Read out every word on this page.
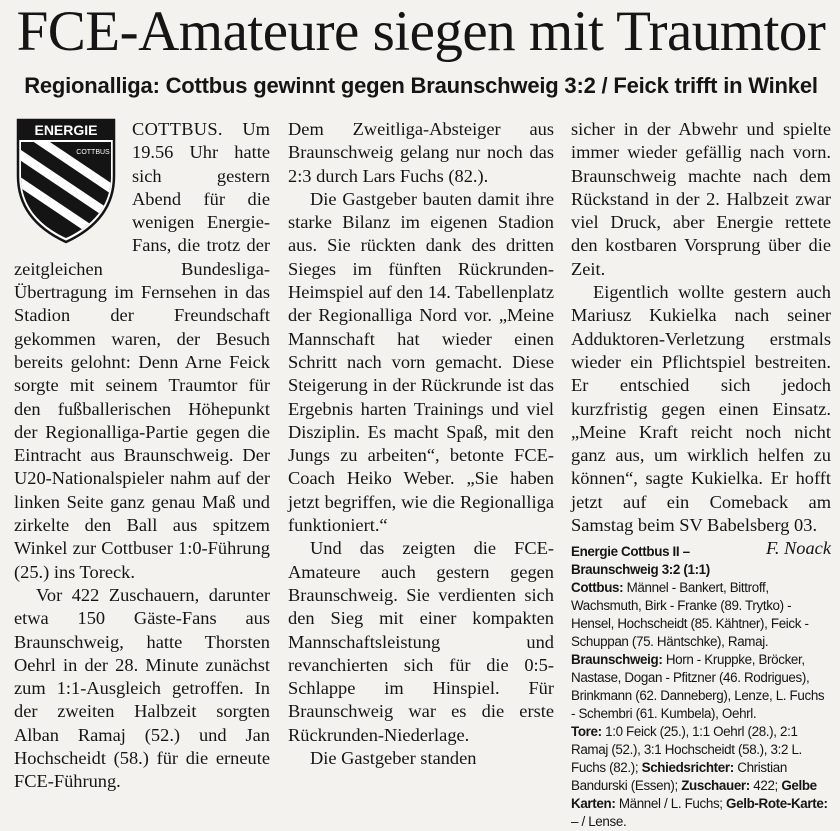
FCE-Amateure siegen mit Traumtor
Regionalliga: Cottbus gewinnt gegen Braunschweig 3:2 / Feick trifft in Winkel
ENERGIE
COTTBUS

COTTBUS. Um 19.56 Uhr hatte sich gestern Abend für die wenigen Energie-Fans, die trotz der zeitgleichen Bundesliga-Übertragung im Fernsehen in das Stadion der Freundschaft gekommen waren, der Besuch bereits gelohnt: Denn Arne Feick sorgte mit seinem Traumtor für den fußballerischen Höhepunkt der Regionalliga-Partie gegen die Eintracht aus Braunschweig. Der U20-Nationalspieler nahm auf der linken Seite ganz genau Maß und zirkelte den Ball aus spitzem Winkel zur Cottbuser 1:0-Führung (25.) ins Toreck.

Vor 422 Zuschauern, darunter etwa 150 Gäste-Fans aus Braunschweig, hatte Thorsten Oehrl in der 28. Minute zunächst zum 1:1-Ausgleich getroffen. In der zweiten Halbzeit sorgten Alban Ramaj (52.) und Jan Hochscheidt (58.) für die erneute FCE-Führung.

Dem Zweitliga-Absteiger aus Braunschweig gelang nur noch das 2:3 durch Lars Fuchs (82.).

Die Gastgeber bauten damit ihre starke Bilanz im eigenen Stadion aus. Sie rückten dank des dritten Sieges im fünften Rückrunden-Heimspiel auf den 14. Tabellenplatz der Regionalliga Nord vor. „Meine Mannschaft hat wieder einen Schritt nach vorn gemacht. Diese Steigerung in der Rückrunde ist das Ergebnis harten Trainings und viel Disziplin. Es macht Spaß, mit den Jungs zu arbeiten“, betonte FCE-Coach Heiko Weber. „Sie haben jetzt begriffen, wie die Regionalliga funktioniert.“

Und das zeigten die FCE-Amateure auch gestern gegen Braunschweig. Sie verdienten sich den Sieg mit einer kompakten Mannschaftsleistung und revanchierten sich für die 0:5-Schlappe im Hinspiel. Für Braunschweig war es die erste Rückrunden-Niederlage.

Die Gastgeber standen

sicher in der Abwehr und spielte immer wieder gefällig nach vorn. Braunschweig machte nach dem Rückstand in der 2. Halbzeit zwar viel Druck, aber Energie rettete den kostbaren Vorsprung über die Zeit.

Eigentlich wollte gestern auch Mariusz Kukielka nach seiner Adduktoren-Verletzung erstmals wieder ein Pflichtspiel bestreiten. Er entschied sich jedoch kurzfristig gegen einen Einsatz. „Meine Kraft reicht noch nicht ganz aus, um wirklich helfen zu können“, sagte Kukielka. Er hofft jetzt auf ein Comeback am Samstag beim SV Babelsberg 03.
F. Noack

Energie Cottbus II – Braunschweig 3:2 (1:1)

Cottbus: Männel - Bankert, Bittroff, Wachsmuth, Birk - Franke (89. Trytko) - Hensel, Hochscheidt (85. Kähtner), Feick - Schuppan (75. Häntschke), Ramaj.

Braunschweig: Horn - Kruppke, Bröcker, Nastase, Dogan - Pfitzner (46. Rodrigues), Brinkmann (62. Danneberg), Lenze, L. Fuchs - Schembri (61. Kumbela), Oehrl.

Tore: 1:0 Feick (25.), 1:1 Oehrl (28.), 2:1 Ramaj (52.), 3:1 Hochscheidt (58.), 3:2 L. Fuchs (82.); Schiedsrichter: Christian Bandurski (Essen); Zuschauer: 422; Gelbe Karten: Männel / L. Fuchs; Gelb-Rote-Karte: – / Lense.
